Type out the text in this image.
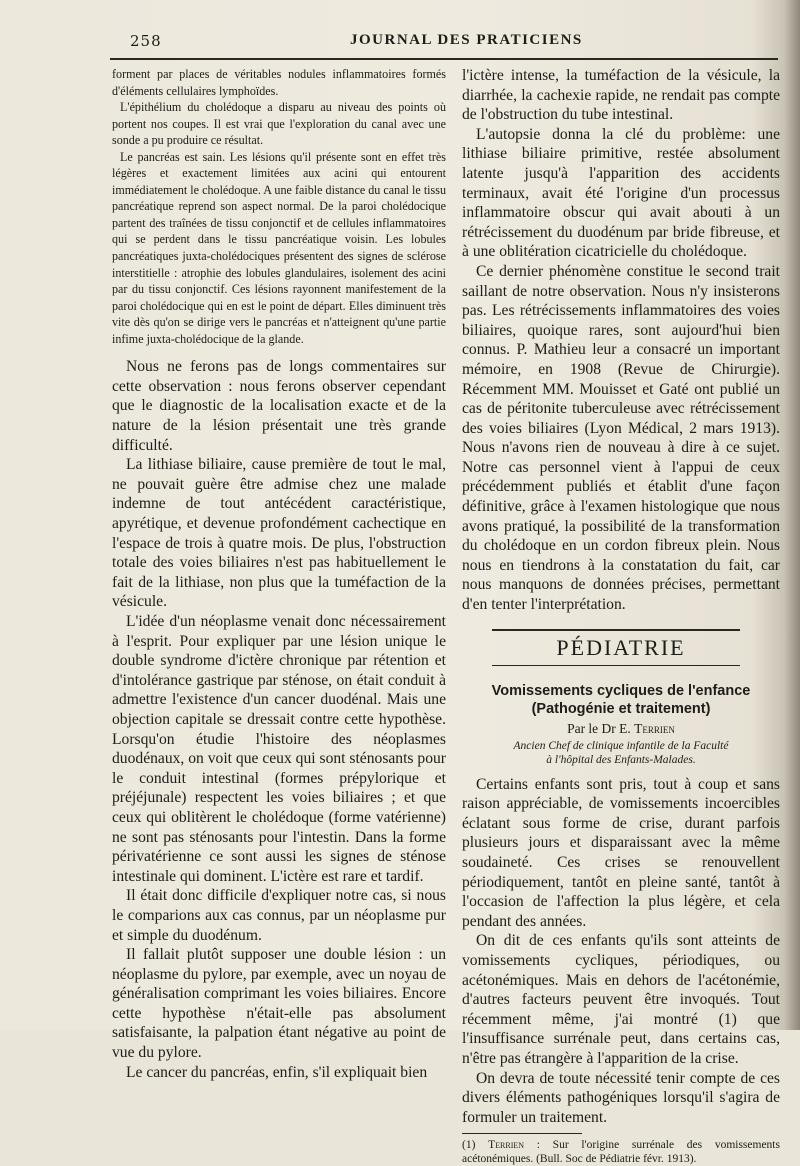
258	JOURNAL DES PRATICIENS

forment par places de véritables nodules inflammatoires formés d'éléments cellulaires lymphoïdes.

L'épithélium du cholédoque a disparu au niveau des points où portent nos coupes. Il est vrai que l'exploration du canal avec une sonde a pu produire ce résultat.

Le pancréas est sain. Les lésions qu'il présente sont en effet très légères et exactement limitées aux acini qui entourent immédiatement le cholédoque. A une faible distance du canal le tissu pancréatique reprend son aspect normal. De la paroi cholédocique partent des traînées de tissu conjonctif et de cellules inflammatoires qui se perdent dans le tissu pancréatique voisin. Les lobules pancréatiques juxta-cholédociques présentent des signes de sclérose interstitielle : atrophie des lobules glandulaires, isolement des acini par du tissu conjonctif. Ces lésions rayonnent manifestement de la paroi cholédocique qui en est le point de départ. Elles diminuent très vite dès qu'on se dirige vers le pancréas et n'atteignent qu'une partie infime juxta-cholédocique de la glande.

Nous ne ferons pas de longs commentaires sur cette observation : nous ferons observer cependant que le diagnostic de la localisation exacte et de la nature de la lésion présentait une très grande difficulté.

La lithiase biliaire, cause première de tout le mal, ne pouvait guère être admise chez une malade indemne de tout antécédent caractéristique, apyrétique, et devenue profondément cachectique en l'espace de trois à quatre mois. De plus, l'obstruction totale des voies biliaires n'est pas habituellement le fait de la lithiase, non plus que la tuméfaction de la vésicule.

L'idée d'un néoplasme venait donc nécessairement à l'esprit. Pour expliquer par une lésion unique le double syndrome d'ictère chronique par rétention et d'intolérance gastrique par sténose, on était conduit à admettre l'existence d'un cancer duodénal. Mais une objection capitale se dressait contre cette hypothèse. Lorsqu'on étudie l'histoire des néoplasmes duodénaux, on voit que ceux qui sont sténosants pour le conduit intestinal (formes prépylorique et préjéjunale) respectent les voies biliaires ; et que ceux qui oblitèrent le cholédoque (forme vatérienne) ne sont pas sténosants pour l'intestin. Dans la forme périvatérienne ce sont aussi les signes de sténose intestinale qui dominent. L'ictère est rare et tardif.

Il était donc difficile d'expliquer notre cas, si nous le comparions aux cas connus, par un néoplasme pur et simple du duodénum.

Il fallait plutôt supposer une double lésion : un néoplasme du pylore, par exemple, avec un noyau de généralisation comprimant les voies biliaires. Encore cette hypothèse n'était-elle pas absolument satisfaisante, la palpation étant négative au point de vue du pylore.

Le cancer du pancréas, enfin, s'il expliquait bien

l'ictère intense, la tuméfaction de la vésicule, la diarrhée, la cachexie rapide, ne rendait pas compte de l'obstruction du tube intestinal.

L'autopsie donna la clé du problème: une lithiase biliaire primitive, restée absolument latente jusqu'à l'apparition des accidents terminaux, avait été l'origine d'un processus inflammatoire obscur qui avait abouti à un rétrécissement du duodénum par bride fibreuse, et à une oblitération cicatricielle du cholédoque.

Ce dernier phénomène constitue le second trait saillant de notre observation. Nous n'y insisterons pas. Les rétrécissements inflammatoires des voies biliaires, quoique rares, sont aujourd'hui bien connus. P. Mathieu leur a consacré un important mémoire, en 1908 (Revue de Chirurgie). Récemment MM. Mouisset et Gaté ont publié un cas de péritonite tuberculeuse avec rétrécissement des voies biliaires (Lyon Médical, 2 mars 1913). Nous n'avons rien de nouveau à dire à ce sujet. Notre cas personnel vient à l'appui de ceux précédemment publiés et établit d'une façon définitive, grâce à l'examen histologique que nous avons pratiqué, la possibilité de la transformation du cholédoque en un cordon fibreux plein. Nous nous en tiendrons à la constatation du fait, car nous manquons de données précises, permettant d'en tenter l'interprétation.

PÉDIATRIE
Vomissements cycliques de l'enfance
(Pathogénie et traitement)
Par le Dr E. Terrien
Ancien Chef de clinique infantile de la Faculté
à l'hôpital des Enfants-Malades.

Certains enfants sont pris, tout à coup et sans raison appréciable, de vomissements incoercibles éclatant sous forme de crise, durant parfois plusieurs jours et disparaissant avec la même soudaineté. Ces crises se renouvellent périodiquement, tantôt en pleine santé, tantôt à l'occasion de l'affection la plus légère, et cela pendant des années.

On dit de ces enfants qu'ils sont atteints de vomissements cycliques, périodiques, ou acétonémiques. Mais en dehors de l'acétonémie, d'autres facteurs peuvent être invoqués. Tout récemment même, j'ai montré (1) que l'insuffisance surrénale peut, dans certains cas, n'être pas étrangère à l'apparition de la crise.

On devra de toute nécessité tenir compte de ces divers éléments pathogéniques lorsqu'il s'agira de formuler un traitement.

(1) Terrien : Sur l'origine surrénale des vomissements acétonémiques. (Bull. Soc de Pédiatrie févr. 1913).
